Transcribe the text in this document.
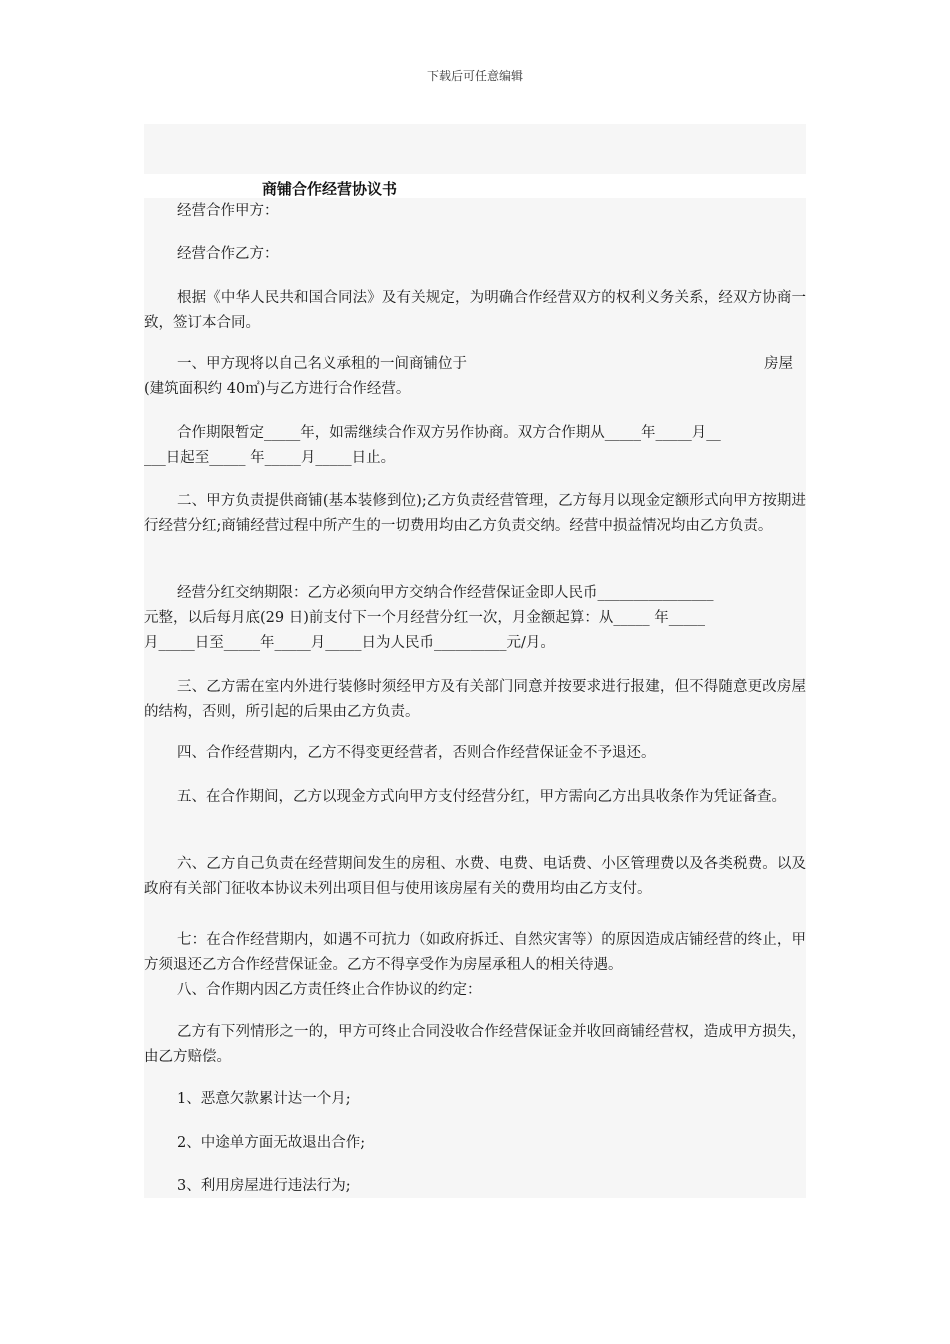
下载后可任意编辑
商铺合作经营协议书

经营合作甲方：

经营合作乙方：

根据《中华人民共和国合同法》及有关规定，为明确合作经营双方的权利义务关系，经双方协商一致，签订本合同。

一、甲方现将以自己名义承租的一间商铺位于	房屋
(建筑面积约 40㎡)与乙方进行合作经营。
合作期限暂定_____年，如需继续合作双方另作协商。双方合作期从_____年_____月__
___日起至_____ 年_____月_____日止。

二、甲方负责提供商铺(基本装修到位);乙方负责经营管理，乙方每月以现金定额形式向甲方按期进行经营分红;商铺经营过程中所产生的一切费用均由乙方负责交纳。经营中损益情况均由乙方负责。

经营分红交纳期限：乙方必须向甲方交纳合作经营保证金即人民币________________
元整，以后每月底(29 日)前支付下一个月经营分红一次，月金额起算：从_____ 年_____
月_____日至_____年_____月_____日为人民币__________元/月。

三、乙方需在室内外进行装修时须经甲方及有关部门同意并按要求进行报建，但不得随意更改房屋的结构，否则，所引起的后果由乙方负责。

四、合作经营期内，乙方不得变更经营者，否则合作经营保证金不予退还。

五、在合作期间，乙方以现金方式向甲方支付经营分红，甲方需向乙方出具收条作为凭证备查。

六、乙方自己负责在经营期间发生的房租、水费、电费、电话费、小区管理费以及各类税费。以及政府有关部门征收本协议未列出项目但与使用该房屋有关的费用均由乙方支付。

七：在合作经营期内，如遇不可抗力（如政府拆迁、自然灾害等）的原因造成店铺经营的终止，甲方须退还乙方合作经营保证金。乙方不得享受作为房屋承租人的相关待遇。

八、合作期内因乙方责任终止合作协议的约定：

乙方有下列情形之一的，甲方可终止合同没收合作经营保证金并收回商铺经营权，造成甲方损失，由乙方赔偿。

1、恶意欠款累计达一个月;

2、中途单方面无故退出合作;

3、利用房屋进行违法行为;
